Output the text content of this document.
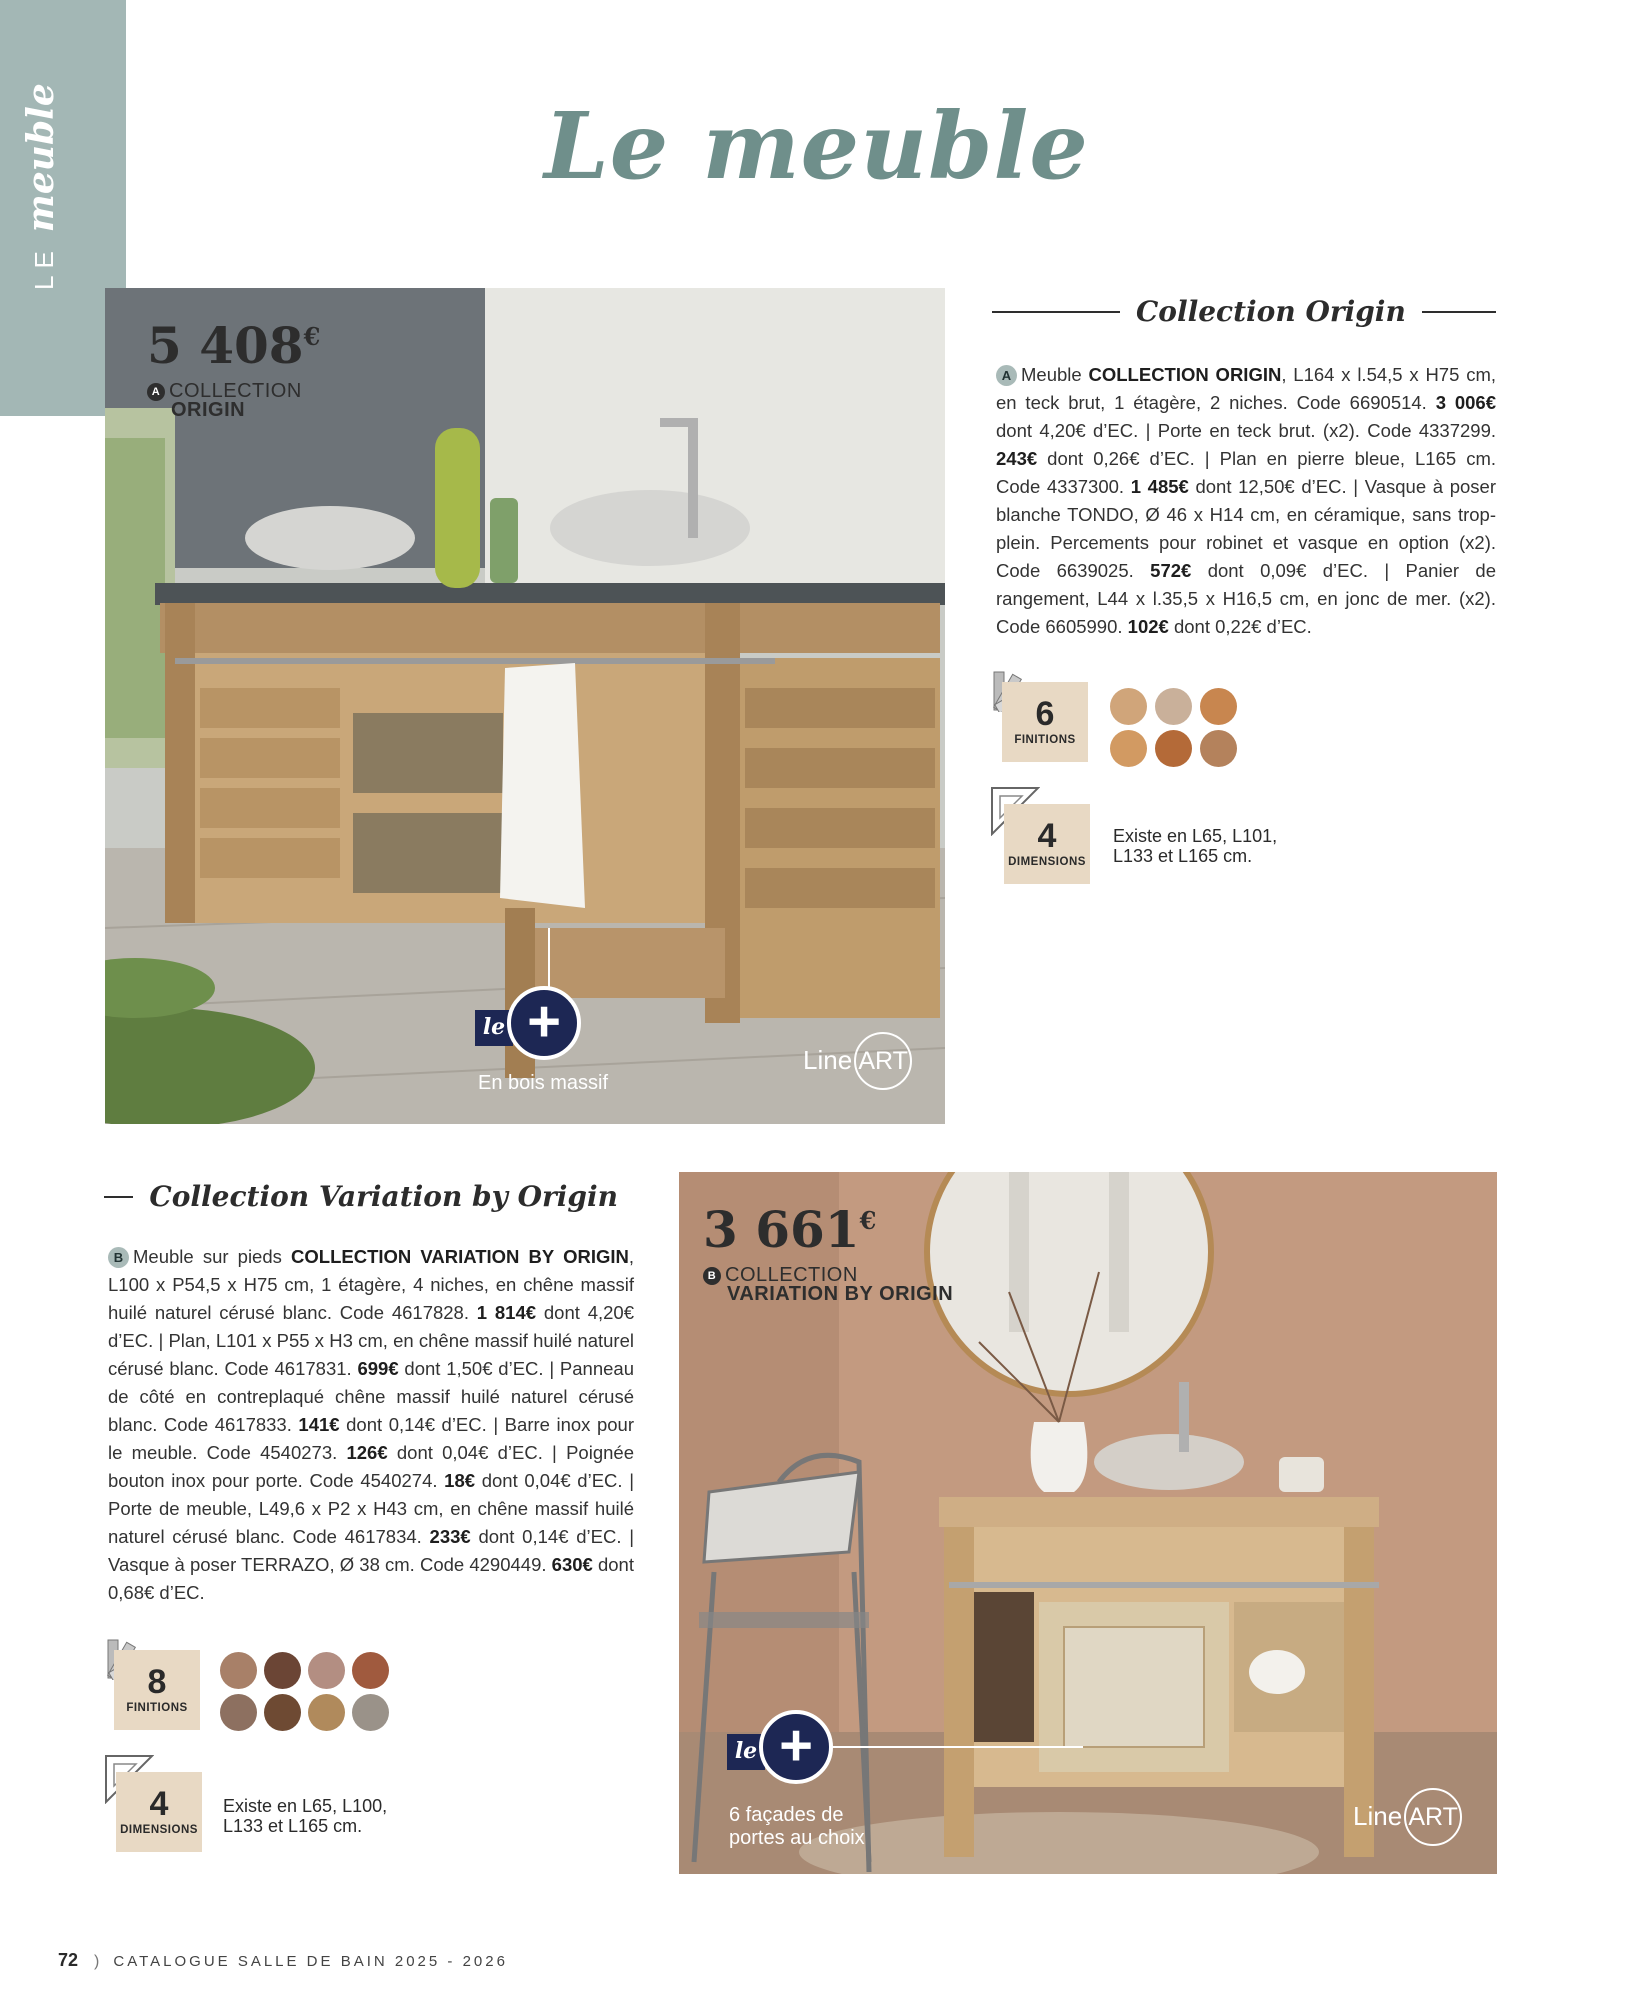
LEmeuble	Le meuble
5 408€
A COLLECTION
ORIGIN
le +
En bois massif
Line ART
Collection Origin

A Meuble COLLECTION ORIGIN, L164 x l.54,5 x H75 cm, en teck brut, 1 étagère, 2 niches. Code 6690514. 3 006€ dont 4,20€ d’EC. | Porte en teck brut. (x2). Code 4337299. 243€ dont 0,26€ d’EC. | Plan en pierre bleue, L165 cm. Code 4337300. 1 485€ dont 12,50€ d’EC. | Vasque à poser blanche TONDO, Ø 46 x H14 cm, en céramique, sans trop-plein. Percements pour robinet et vasque en option (x2). Code 6639025. 572€ dont 0,09€ d’EC. | Panier de rangement, L44 x l.35,5 x H16,5 cm, en jonc de mer. (x2). Code 6605990. 102€ dont 0,22€ d’EC.

6
FINITIONS
4
DIMENSIONS
Existe en L65, L101,
L133 et L165 cm.
Collection Variation by Origin

B Meuble sur pieds COLLECTION VARIATION BY ORIGIN, L100 x P54,5 x H75 cm, 1 étagère, 4 niches, en chêne massif huilé naturel cérusé blanc. Code 4617828. 1 814€ dont 4,20€ d’EC. | Plan, L101 x P55 x H3 cm, en chêne massif huilé naturel cérusé blanc. Code 4617831. 699€ dont 1,50€ d’EC. | Panneau de côté en contreplaqué chêne massif huilé naturel cérusé blanc. Code 4617833. 141€ dont 0,14€ d’EC. | Barre inox pour le meuble. Code 4540273. 126€ dont 0,04€ d’EC. | Poignée bouton inox pour porte. Code 4540274. 18€ dont 0,04€ d’EC. | Porte de meuble, L49,6 x P2 x H43 cm, en chêne massif huilé naturel cérusé blanc. Code 4617834. 233€ dont 0,14€ d’EC. | Vasque à poser TERRAZO, Ø 38 cm. Code 4290449. 630€ dont 0,68€ d’EC.

8
FINITIONS
4
DIMENSIONS
Existe en L65, L100,
L133 et L165 cm.
3 661€
B COLLECTION
VARIATION BY ORIGIN
le +
6 façades de
portes au choix
Line ART
72 ) CATALOGUE SALLE DE BAIN 2025 - 2026
